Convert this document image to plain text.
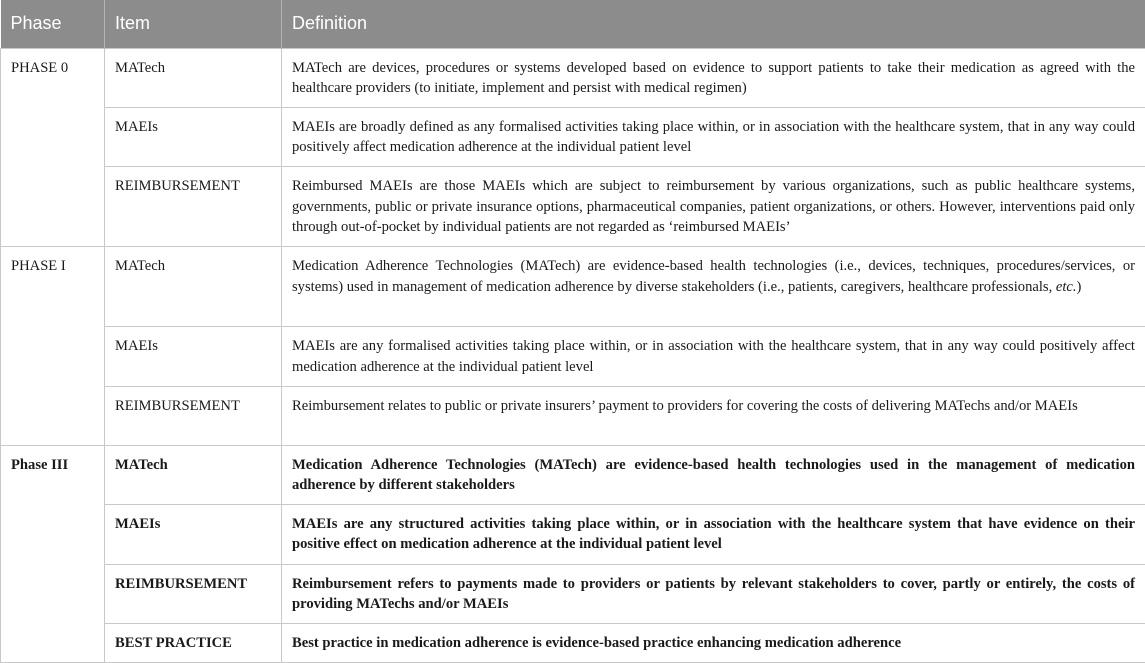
Phase	Item	Definition
PHASE 0	MATech	MATech are devices, procedures or systems developed based on evidence to support patients to take their medication as agreed with the healthcare providers (to initiate, implement and persist with medical regimen)
	MAEIs	MAEIs are broadly defined as any formalised activities taking place within, or in association with the healthcare system, that in any way could positively affect medication adherence at the individual patient level
	REIMBURSEMENT	Reimbursed MAEIs are those MAEIs which are subject to reimbursement by various organizations, such as public healthcare systems, governments, public or private insurance options, pharmaceutical companies, patient organizations, or others. However, interventions paid only through out-of-pocket by individual patients are not regarded as ‘reimbursed MAEIs’
PHASE I	MATech	Medication Adherence Technologies (MATech) are evidence-based health technologies (i.e., devices, techniques, procedures/services, or systems) used in management of medication adherence by diverse stakeholders (i.e., patients, caregivers, healthcare professionals, etc.)
	MAEIs	MAEIs are any formalised activities taking place within, or in association with the healthcare system, that in any way could positively affect medication adherence at the individual patient level
	REIMBURSEMENT	Reimbursement relates to public or private insurers’ payment to providers for covering the costs of delivering MATechs and/or MAEIs
Phase III	MATech	Medication Adherence Technologies (MATech) are evidence-based health technologies used in the management of medication adherence by different stakeholders
	MAEIs	MAEIs are any structured activities taking place within, or in association with the healthcare system that have evidence on their positive effect on medication adherence at the individual patient level
	REIMBURSEMENT	Reimbursement refers to payments made to providers or patients by relevant stakeholders to cover, partly or entirely, the costs of providing MATechs and/or MAEIs
	BEST PRACTICE	Best practice in medication adherence is evidence-based practice enhancing medication adherence
